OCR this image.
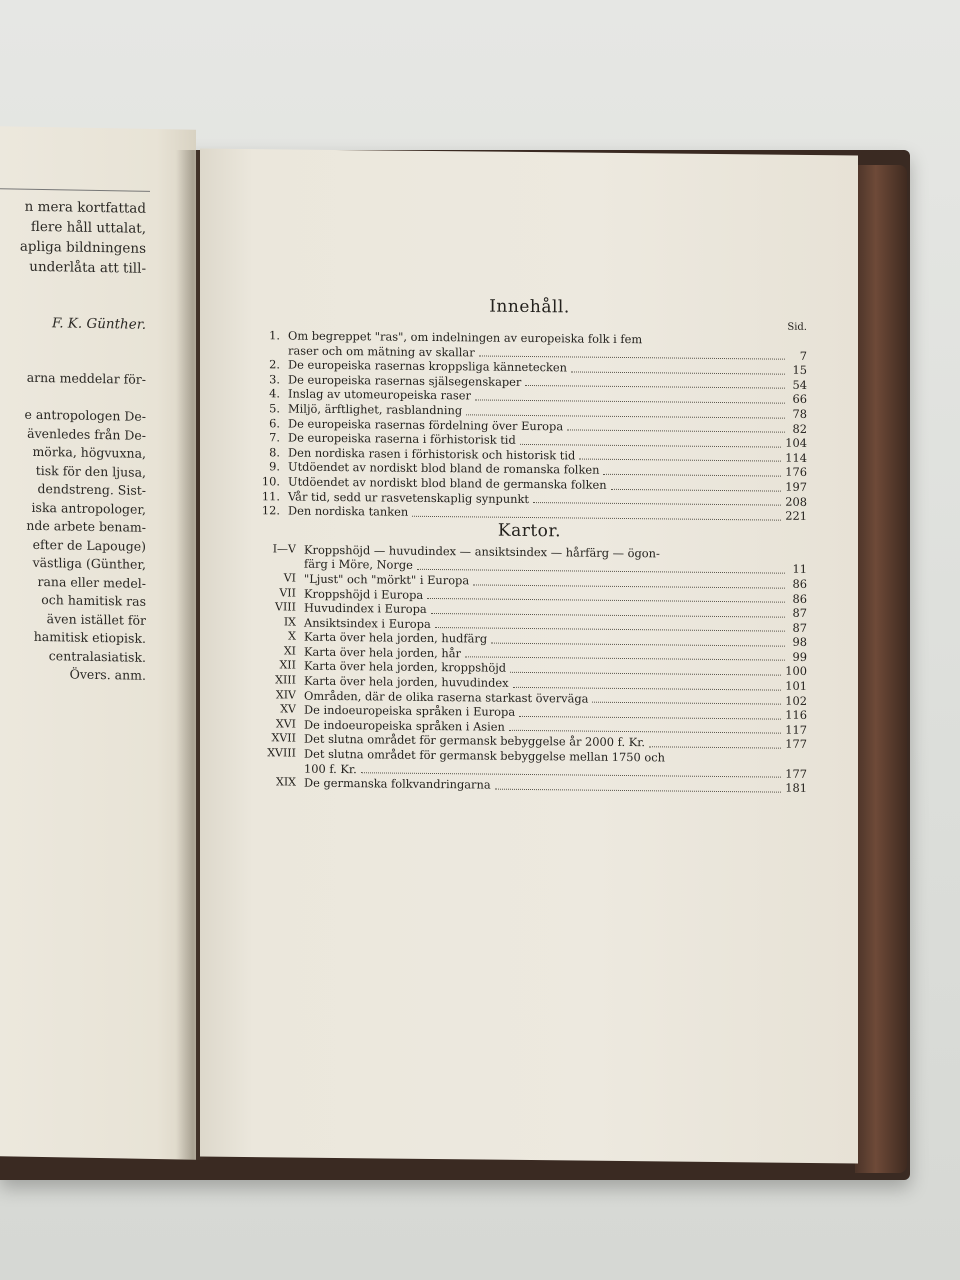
n mera kortfattad
flere håll uttalat,
apliga bildningens
underlåta att till-
F. K. Günther.
arna meddelar för-

e antropologen De-
ävenledes från De-
mörka, högvuxna,
tisk för den ljusa,
dendstreng. Sist-
iska antropologer,
nde arbete benam-
efter de Lapouge)
västliga (Günther,
rana eller medel-
och hamitisk ras
även istället för
hamitisk etiopisk.
centralasiatisk.
Övers. anm.
Innehåll.
Sid.
1. Om begreppet "ras", om indelningen av europeiska folk i fem
raser och om mätning av skallar	7
2. De europeiska rasernas kroppsliga kännetecken	15
3. De europeiska rasernas själsegenskaper	54
4. Inslag av utomeuropeiska raser	66
5. Miljö, ärftlighet, rasblandning	78
6. De europeiska rasernas fördelning över Europa	82
7. De europeiska raserna i förhistorisk tid	104
8. Den nordiska rasen i förhistorisk och historisk tid	114
9. Utdöendet av nordiskt blod bland de romanska folken	176
10. Utdöendet av nordiskt blod bland de germanska folken	197
11. Vår tid, sedd ur rasvetenskaplig synpunkt	208
12. Den nordiska tanken	221
Kartor.
I—V Kroppshöjd — huvudindex — ansiktsindex — hårfärg — ögon-
färg i Möre, Norge	11
VI "Ljust" och "mörkt" i Europa	86
VII Kroppshöjd i Europa	86
VIII Huvudindex i Europa	87
IX Ansiktsindex i Europa	87
X Karta över hela jorden, hudfärg	98
XI Karta över hela jorden, hår	99
XII Karta över hela jorden, kroppshöjd	100
XIII Karta över hela jorden, huvudindex	101
XIV Områden, där de olika raserna starkast överväga	102
XV De indoeuropeiska språken i Europa	116
XVI De indoeuropeiska språken i Asien	117
XVII Det slutna området för germansk bebyggelse år 2000 f. Kr.	177
XVIII Det slutna området för germansk bebyggelse mellan 1750 och
100 f. Kr.	177
XIX De germanska folkvandringarna	181
